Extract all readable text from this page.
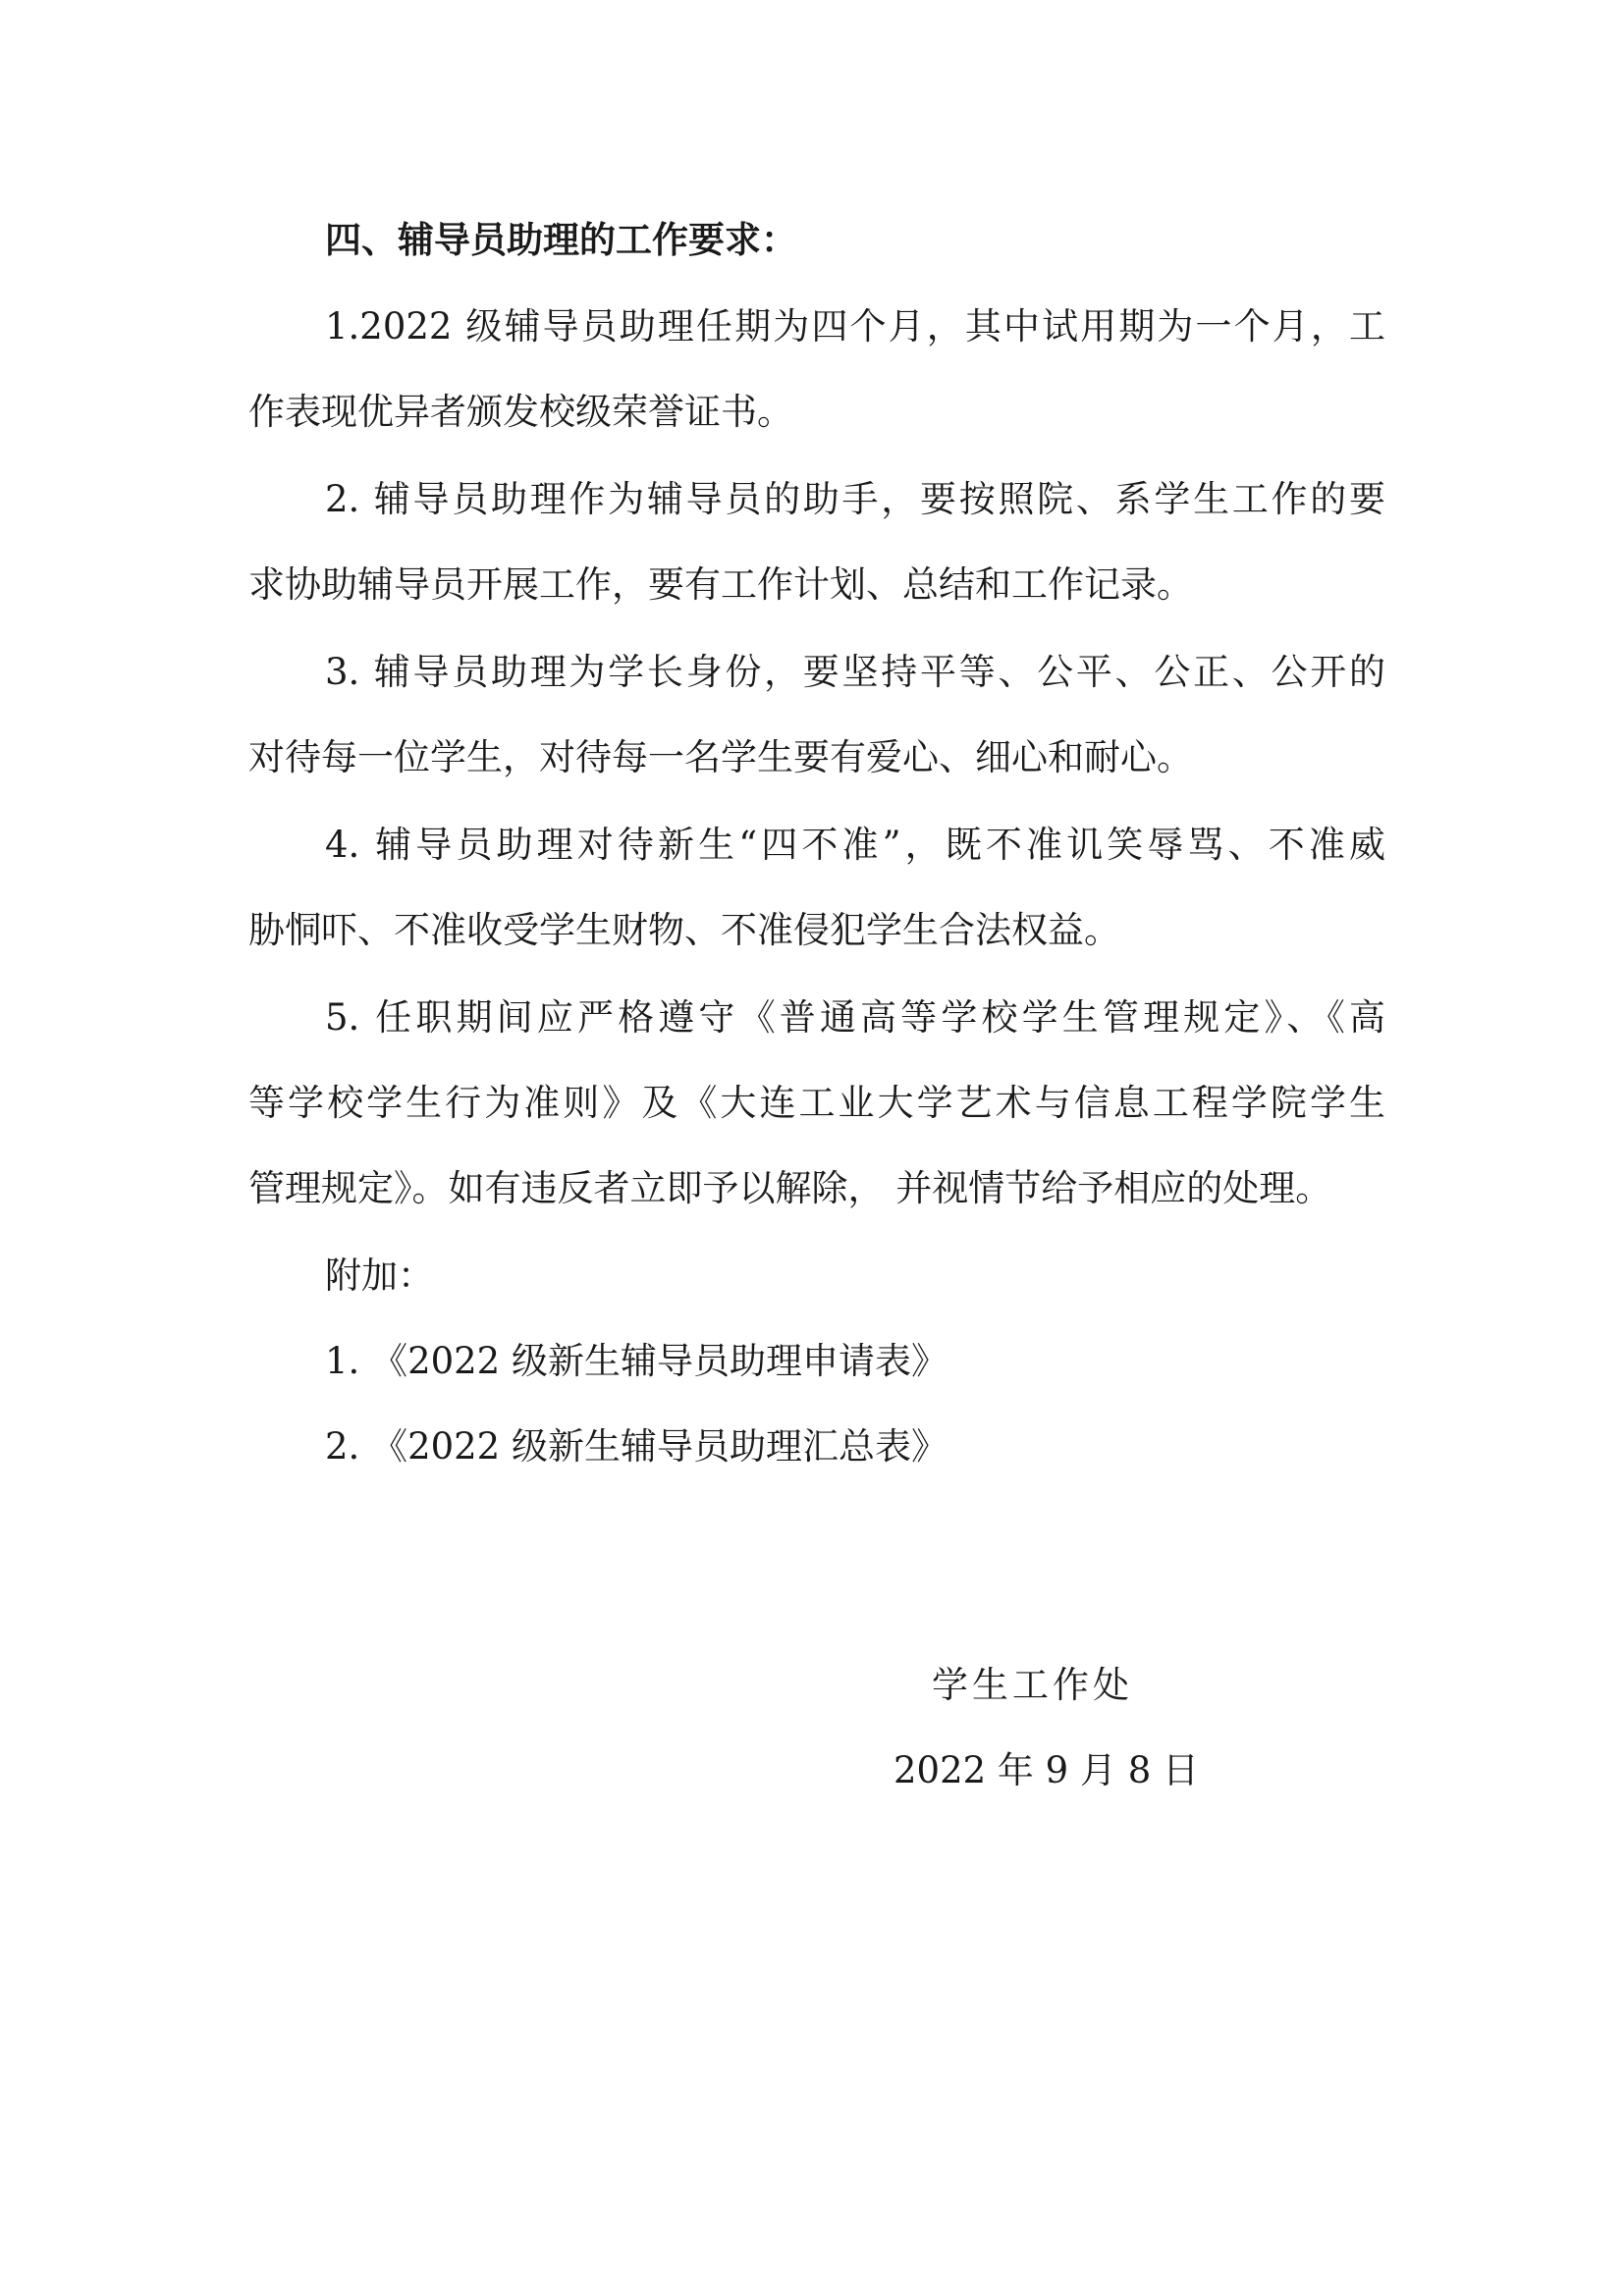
四、辅导员助理的工作要求：
1.2022 级辅导员助理任期为四个月，其中试用期为一个月，工
作表现优异者颁发校级荣誉证书。
2. 辅导员助理作为辅导员的助手，要按照院、系学生工作的要
求协助辅导员开展工作，要有工作计划、总结和工作记录。
3. 辅导员助理为学长身份，要坚持平等、公平、公正、公开的
对待每一位学生，对待每一名学生要有爱心、细心和耐心。
4. 辅导员助理对待新生“四不准”，既不准讥笑辱骂、不准威
胁恫吓、不准收受学生财物、不准侵犯学生合法权益。
5. 任职期间应严格遵守《普通高等学校学生管理规定》、《高
等学校学生行为准则》及《大连工业大学艺术与信息工程学院学生
管理规定》。如有违反者立即予以解除， 并视情节给予相应的处理。
附加：
1. 《2022 级新生辅导员助理申请表》
2. 《2022 级新生辅导员助理汇总表》
学生工作处
2022 年 9 月 8 日
